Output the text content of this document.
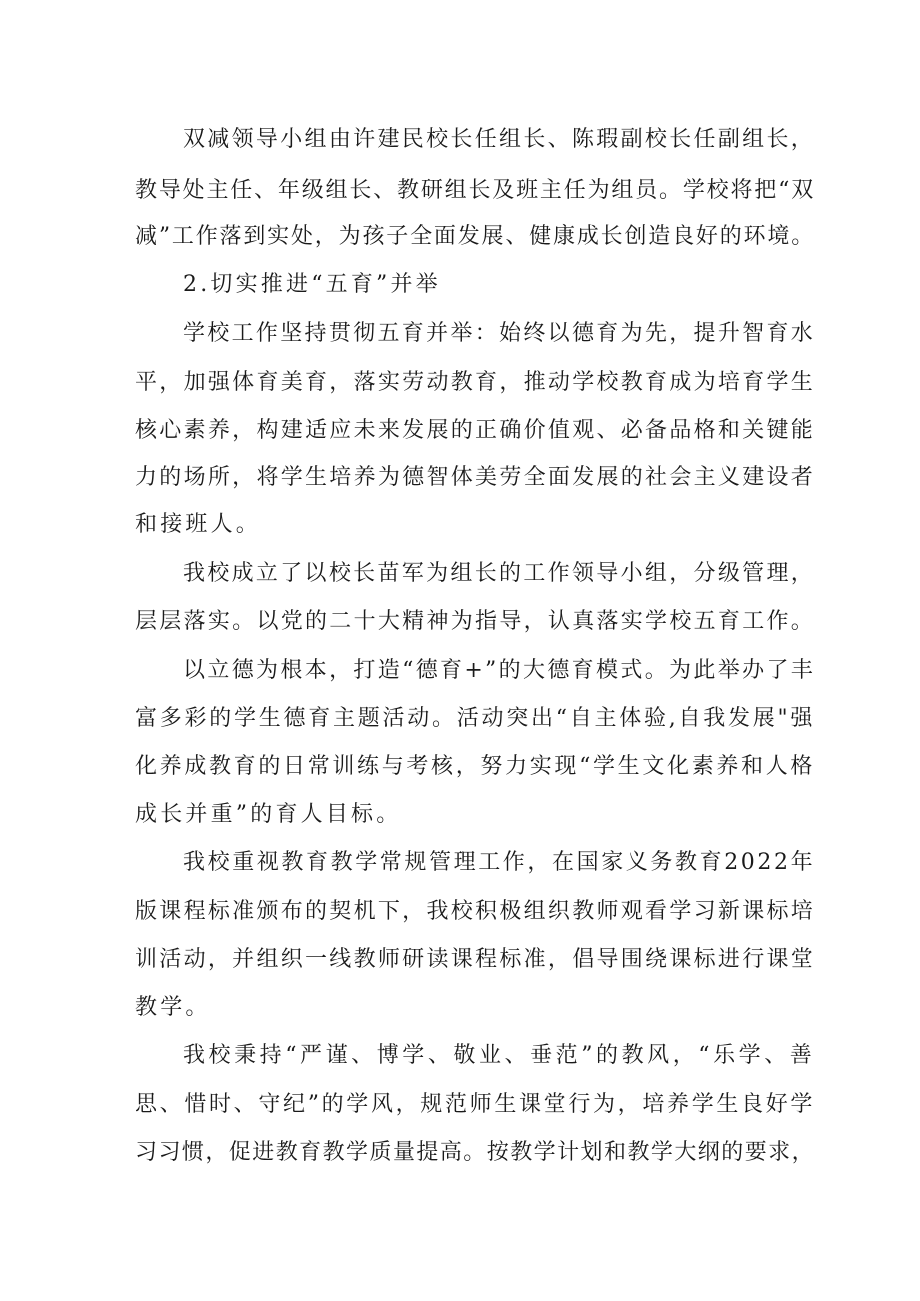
双减领导小组由许建民校长任组长、陈瑕副校长任副组长，
教导处主任、年级组长、教研组长及班主任为组员。学校将把“双
减”工作落到实处，为孩子全面发展、健康成长创造良好的环境。
2.切实推进“五育”并举
学校工作坚持贯彻五育并举：始终以德育为先，提升智育水
平，加强体育美育，落实劳动教育，推动学校教育成为培育学生
核心素养，构建适应未来发展的正确价值观、必备品格和关键能
力的场所，将学生培养为德智体美劳全面发展的社会主义建设者
和接班人。
我校成立了以校长苗军为组长的工作领导小组，分级管理，
层层落实。以党的二十大精神为指导，认真落实学校五育工作。
以立德为根本，打造“德育+”的大德育模式。为此举办了丰
富多彩的学生德育主题活动。活动突出“自主体验,自我发展"强
化养成教育的日常训练与考核，努力实现“学生文化素养和人格
成长并重”的育人目标。
我校重视教育教学常规管理工作，在国家义务教育2022年
版课程标准颁布的契机下，我校积极组织教师观看学习新课标培
训活动，并组织一线教师研读课程标准，倡导围绕课标进行课堂
教学。
我校秉持“严谨、博学、敬业、垂范”的教风，“乐学、善
思、惜时、守纪”的学风，规范师生课堂行为，培养学生良好学
习习惯，促进教育教学质量提高。按教学计划和教学大纲的要求，
